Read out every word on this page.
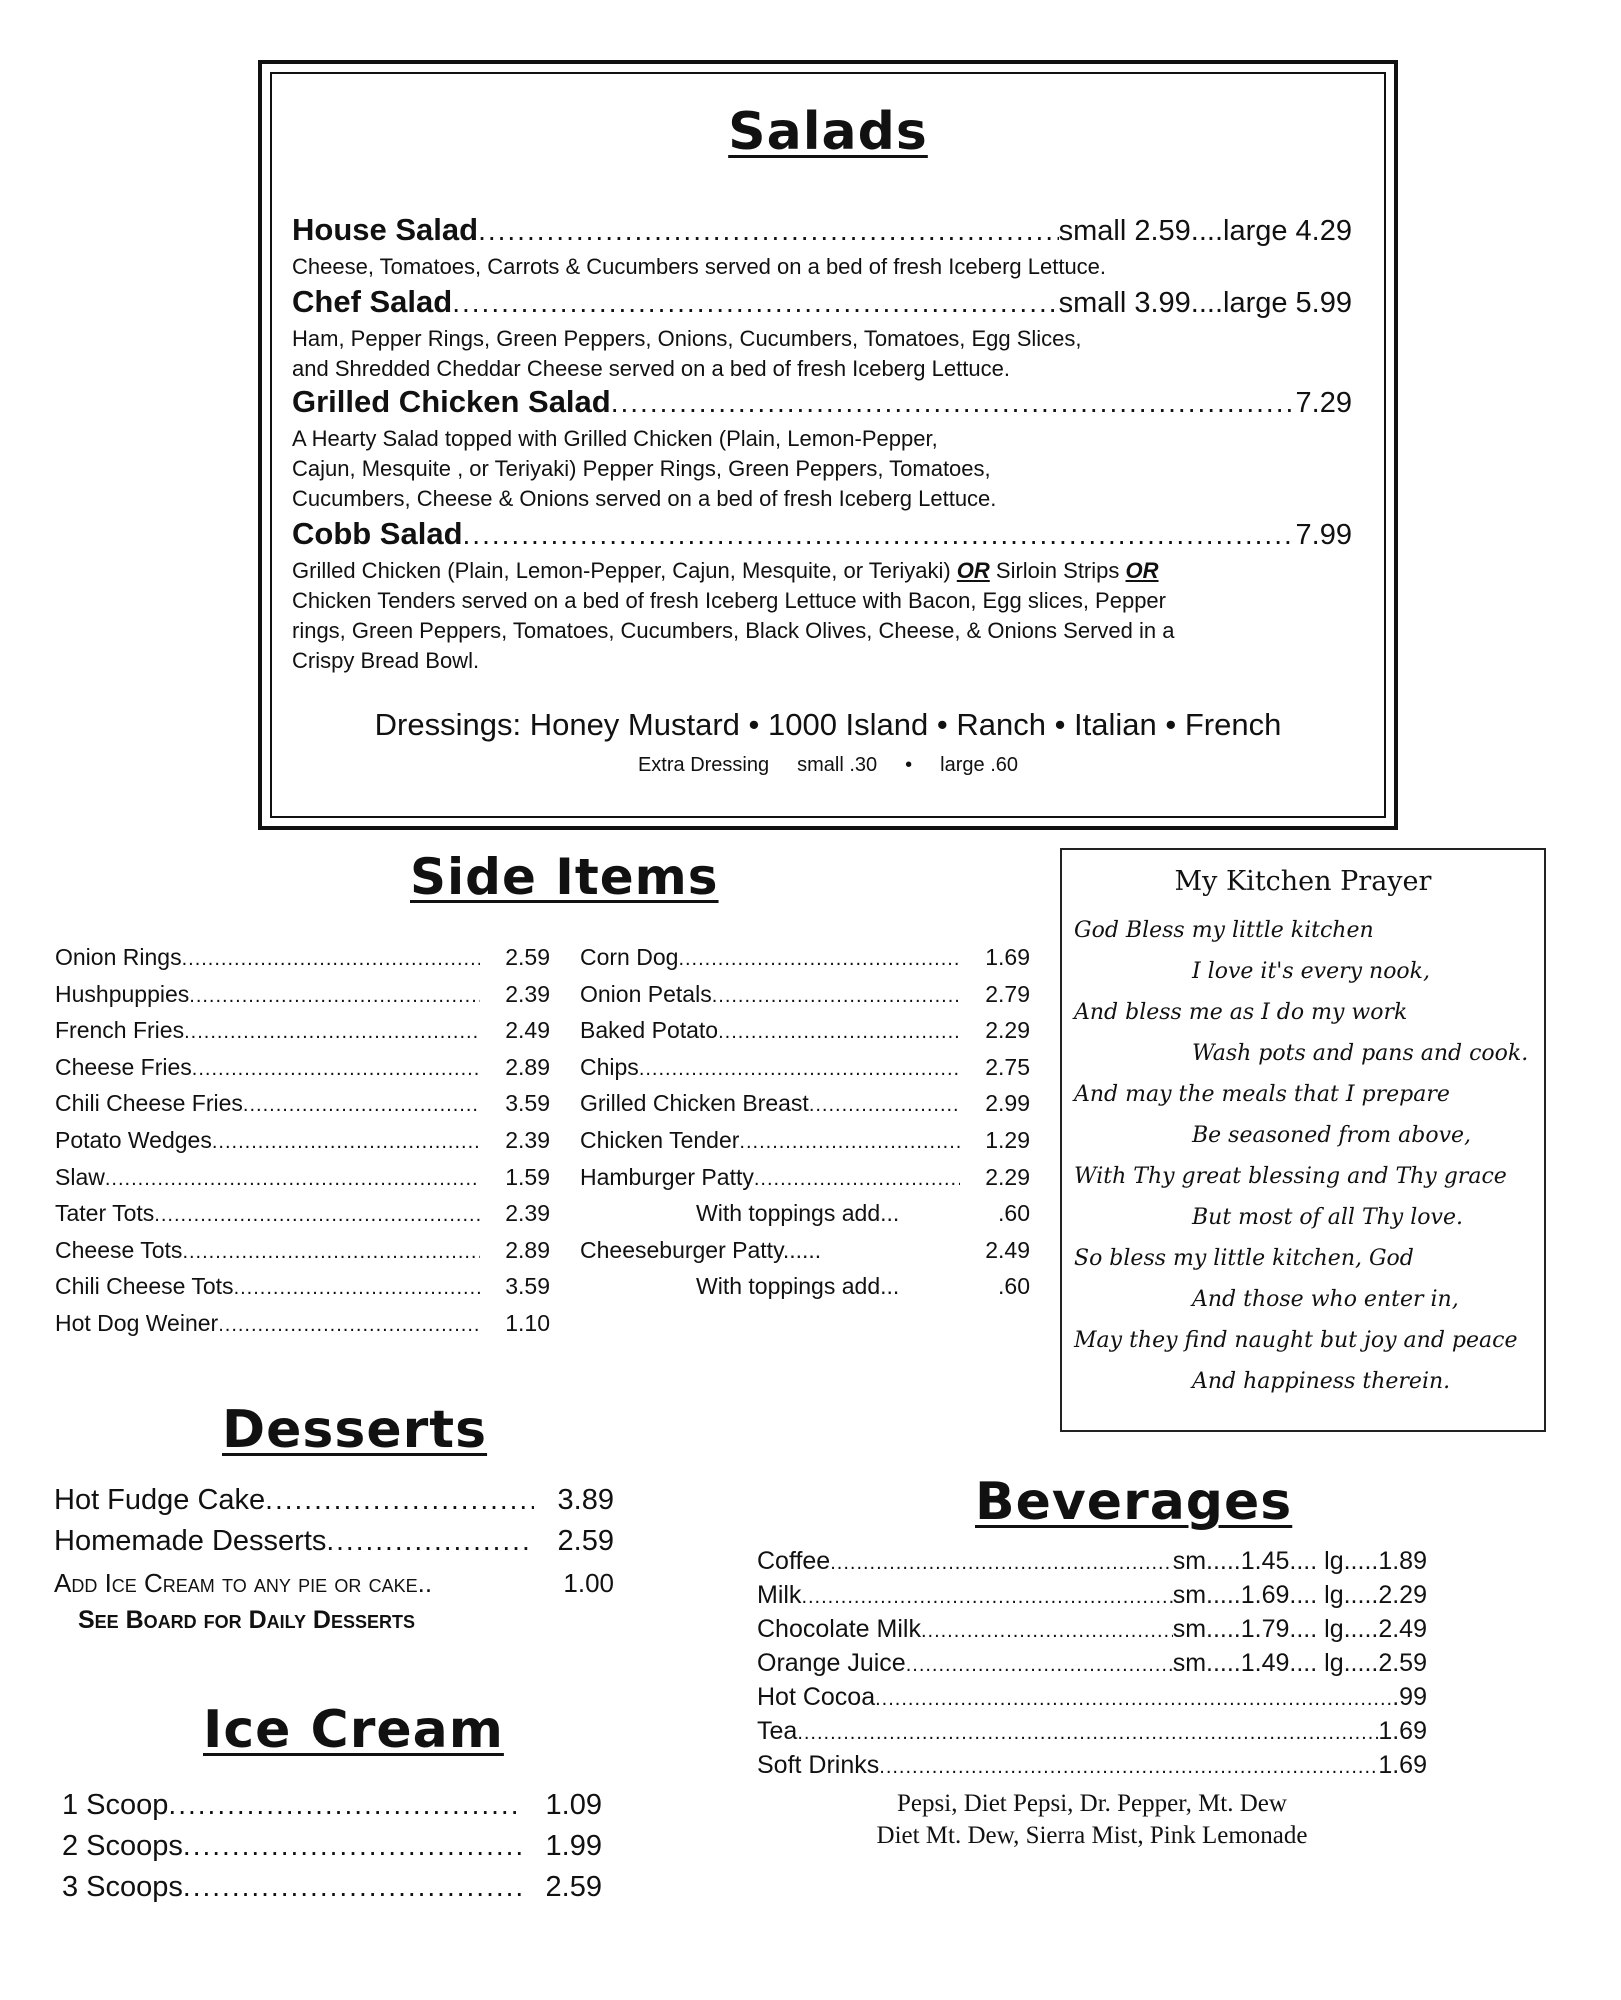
Salads
House Salad .....	small 2.59....large 4.29
Cheese, Tomatoes, Carrots & Cucumbers served on a bed of fresh Iceberg Lettuce.
Chef Salad .....	small 3.99....large 5.99
Ham, Pepper Rings, Green Peppers, Onions, Cucumbers, Tomatoes, Egg Slices,
and Shredded Cheddar Cheese served on a bed of fresh Iceberg Lettuce.
Grilled Chicken Salad .....	7.29
A Hearty Salad topped with Grilled Chicken (Plain, Lemon-Pepper,
Cajun, Mesquite , or Teriyaki) Pepper Rings, Green Peppers, Tomatoes,
Cucumbers, Cheese & Onions served on a bed of fresh Iceberg Lettuce.
Cobb Salad .....	7.99
Grilled Chicken (Plain, Lemon-Pepper, Cajun, Mesquite, or Teriyaki) OR Sirloin Strips OR
Chicken Tenders served on a bed of fresh Iceberg Lettuce with Bacon, Egg slices, Pepper
rings, Green Peppers, Tomatoes, Cucumbers, Black Olives, Cheese, & Onions Served in a
Crispy Bread Bowl.
Dressings: Honey Mustard • 1000 Island • Ranch • Italian • French
Extra Dressing small .30 • large .60
Side Items	My Kitchen Prayer
God Bless my little kitchen
I love it's every nook,
And bless me as I do my work
Wash pots and pans and cook.
And may the meals that I prepare
Be seasoned from above,
With Thy great blessing and Thy grace
But most of all Thy love.
So bless my little kitchen, God
And those who enter in,
May they find naught but joy and peace
And happiness therein.
Desserts
Hot Fudge Cake .....	3.89
Homemade Desserts .....	2.59
Add Ice Cream to any pie or cake..	1.00
See Board for Daily Desserts
Ice Cream
Beverages
Pepsi, Diet Pepsi, Dr. Pepper, Mt. Dew
Diet Mt. Dew, Sierra Mist, Pink Lemonade
Onion Rings .....	2.59
Hushpuppies .....	2.39
French Fries .....	2.49
Cheese Fries .....	2.89
Chili Cheese Fries .....	3.59
Potato Wedges .....	2.39
Slaw .....	1.59
Tater Tots .....	2.39
Cheese Tots .....	2.89
Chili Cheese Tots .....	3.59
Hot Dog Weiner .....	1.10
Corn Dog .....	1.69
Onion Petals .....	2.79
Baked Potato .....	2.29
Chips .....	2.75
Grilled Chicken Breast .....	2.99
Chicken Tender .....	1.29
Hamburger Patty .....	2.29
With toppings add...	.60
Cheeseburger Patty......	2.49
With toppings add...	.60
1 Scoop .....	1.09
2 Scoops .....	1.99
3 Scoops .....	2.59
Coffee .....	sm.....1.45.... lg.....1.89
Milk .....	sm.....1.69.... lg.....2.29
Chocolate Milk .....	sm.....1.79.... lg.....2.49
Orange Juice .....	sm.....1.49.... lg.....2.59
Hot Cocoa .....	.99
Tea .....	1.69
Soft Drinks .....	1.69
